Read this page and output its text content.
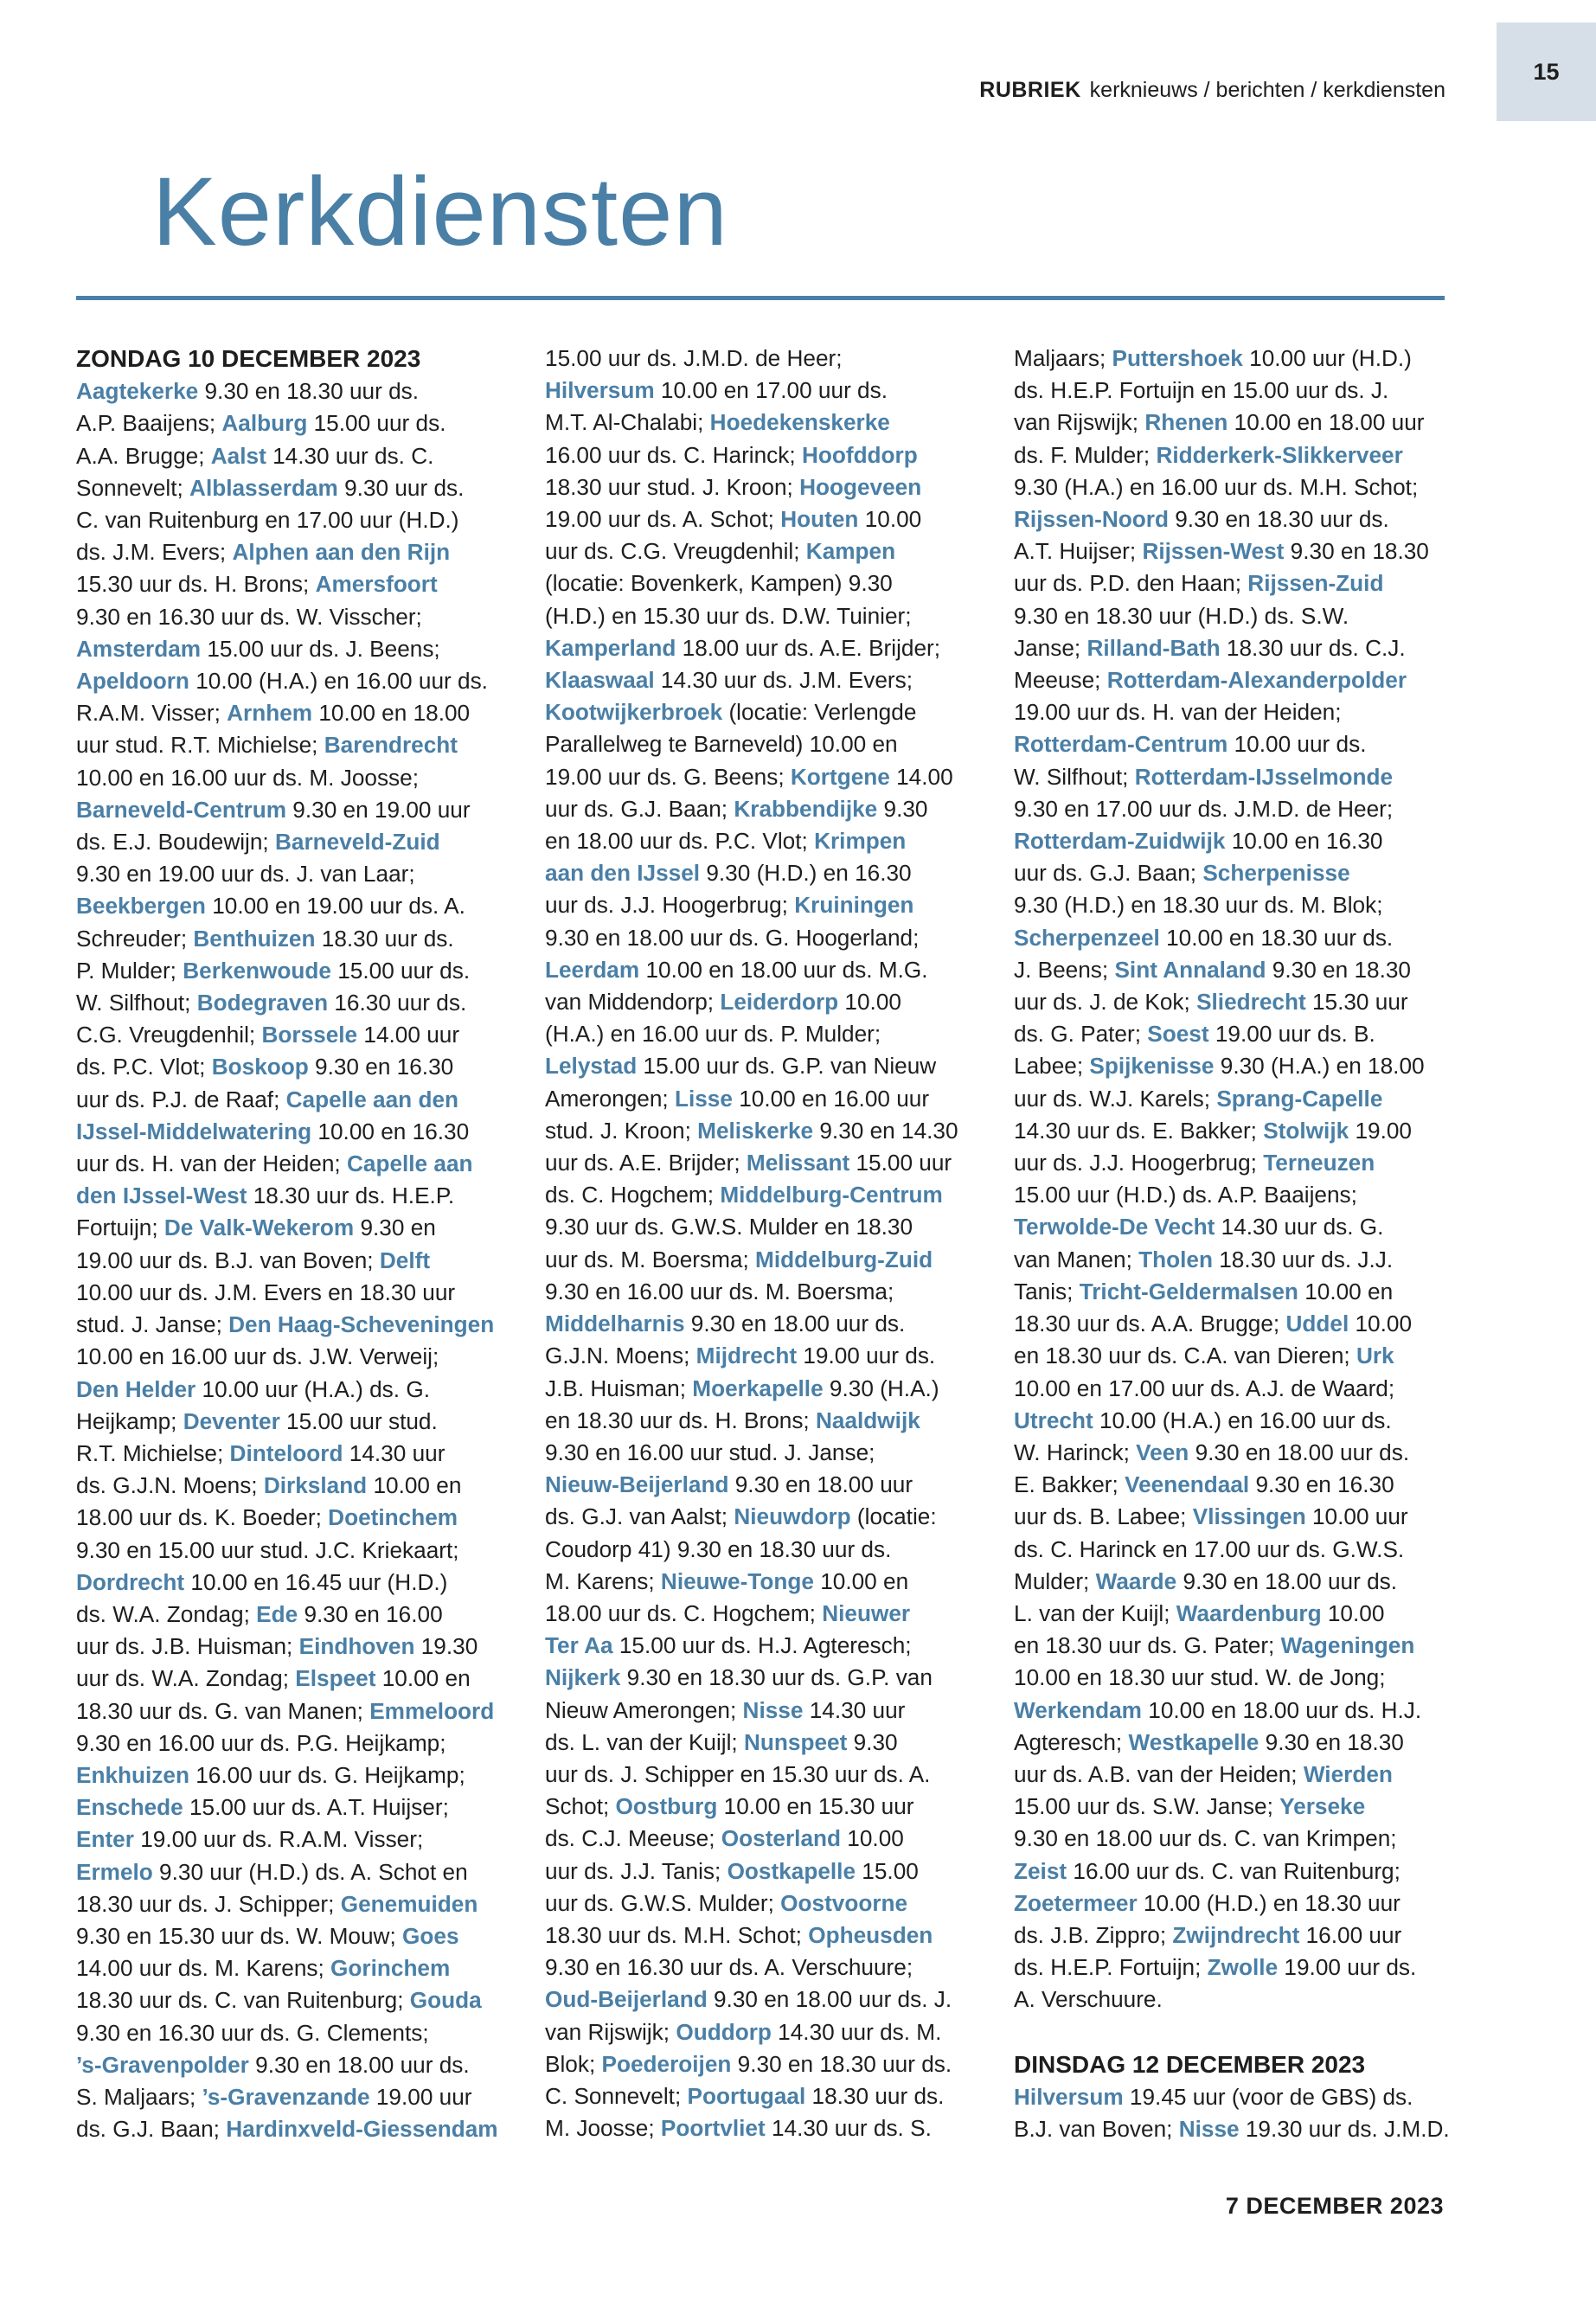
15
RUBRIEK kerknieuws / berichten / kerkdiensten
Kerkdiensten
ZONDAG 10 DECEMBER 2023
Aagtekerke 9.30 en 18.30 uur ds.
A.P. Baaijens; Aalburg 15.00 uur ds.
A.A. Brugge; Aalst 14.30 uur ds. C.
Sonnevelt; Alblasserdam 9.30 uur ds.
C. van Ruitenburg en 17.00 uur (H.D.)
ds. J.M. Evers; Alphen aan den Rijn
15.30 uur ds. H. Brons; Amersfoort
9.30 en 16.30 uur ds. W. Visscher;
Amsterdam 15.00 uur ds. J. Beens;
Apeldoorn 10.00 (H.A.) en 16.00 uur ds.
R.A.M. Visser; Arnhem 10.00 en 18.00
uur stud. R.T. Michielse; Barendrecht
10.00 en 16.00 uur ds. M. Joosse;
Barneveld-Centrum 9.30 en 19.00 uur
ds. E.J. Boudewijn; Barneveld-Zuid
9.30 en 19.00 uur ds. J. van Laar;
Beekbergen 10.00 en 19.00 uur ds. A.
Schreuder; Benthuizen 18.30 uur ds.
P. Mulder; Berkenwoude 15.00 uur ds.
W. Silfhout; Bodegraven 16.30 uur ds.
C.G. Vreugdenhil; Borssele 14.00 uur
ds. P.C. Vlot; Boskoop 9.30 en 16.30
uur ds. P.J. de Raaf; Capelle aan den
IJssel-Middelwatering 10.00 en 16.30
uur ds. H. van der Heiden; Capelle aan
den IJssel-West 18.30 uur ds. H.E.P.
Fortuijn; De Valk-Wekerom 9.30 en
19.00 uur ds. B.J. van Boven; Delft
10.00 uur ds. J.M. Evers en 18.30 uur
stud. J. Janse; Den Haag-Scheveningen
10.00 en 16.00 uur ds. J.W. Verweij;
Den Helder 10.00 uur (H.A.) ds. G.
Heijkamp; Deventer 15.00 uur stud.
R.T. Michielse; Dinteloord 14.30 uur
ds. G.J.N. Moens; Dirksland 10.00 en
18.00 uur ds. K. Boeder; Doetinchem
9.30 en 15.00 uur stud. J.C. Kriekaart;
Dordrecht 10.00 en 16.45 uur (H.D.)
ds. W.A. Zondag; Ede 9.30 en 16.00
uur ds. J.B. Huisman; Eindhoven 19.30
uur ds. W.A. Zondag; Elspeet 10.00 en
18.30 uur ds. G. van Manen; Emmeloord
9.30 en 16.00 uur ds. P.G. Heijkamp;
Enkhuizen 16.00 uur ds. G. Heijkamp;
Enschede 15.00 uur ds. A.T. Huijser;
Enter 19.00 uur ds. R.A.M. Visser;
Ermelo 9.30 uur (H.D.) ds. A. Schot en
18.30 uur ds. J. Schipper; Genemuiden
9.30 en 15.30 uur ds. W. Mouw; Goes
14.00 uur ds. M. Karens; Gorinchem
18.30 uur ds. C. van Ruitenburg; Gouda
9.30 en 16.30 uur ds. G. Clements;
’s-Gravenpolder 9.30 en 18.00 uur ds.
S. Maljaars; ’s-Gravenzande 19.00 uur
ds. G.J. Baan; Hardinxveld-Giessendam
15.00 uur ds. J.M.D. de Heer;
Hilversum 10.00 en 17.00 uur ds.
M.T. Al-Chalabi; Hoedekenskerke
16.00 uur ds. C. Harinck; Hoofddorp
18.30 uur stud. J. Kroon; Hoogeveen
19.00 uur ds. A. Schot; Houten 10.00
uur ds. C.G. Vreugdenhil; Kampen
(locatie: Bovenkerk, Kampen) 9.30
(H.D.) en 15.30 uur ds. D.W. Tuinier;
Kamperland 18.00 uur ds. A.E. Brijder;
Klaaswaal 14.30 uur ds. J.M. Evers;
Kootwijkerbroek (locatie: Verlengde
Parallelweg te Barneveld) 10.00 en
19.00 uur ds. G. Beens; Kortgene 14.00
uur ds. G.J. Baan; Krabbendijke 9.30
en 18.00 uur ds. P.C. Vlot; Krimpen
aan den IJssel 9.30 (H.D.) en 16.30
uur ds. J.J. Hoogerbrug; Kruiningen
9.30 en 18.00 uur ds. G. Hoogerland;
Leerdam 10.00 en 18.00 uur ds. M.G.
van Middendorp; Leiderdorp 10.00
(H.A.) en 16.00 uur ds. P. Mulder;
Lelystad 15.00 uur ds. G.P. van Nieuw
Amerongen; Lisse 10.00 en 16.00 uur
stud. J. Kroon; Meliskerke 9.30 en 14.30
uur ds. A.E. Brijder; Melissant 15.00 uur
ds. C. Hogchem; Middelburg-Centrum
9.30 uur ds. G.W.S. Mulder en 18.30
uur ds. M. Boersma; Middelburg-Zuid
9.30 en 16.00 uur ds. M. Boersma;
Middelharnis 9.30 en 18.00 uur ds.
G.J.N. Moens; Mijdrecht 19.00 uur ds.
J.B. Huisman; Moerkapelle 9.30 (H.A.)
en 18.30 uur ds. H. Brons; Naaldwijk
9.30 en 16.00 uur stud. J. Janse;
Nieuw-Beijerland 9.30 en 18.00 uur
ds. G.J. van Aalst; Nieuwdorp (locatie:
Coudorp 41) 9.30 en 18.30 uur ds.
M. Karens; Nieuwe-Tonge 10.00 en
18.00 uur ds. C. Hogchem; Nieuwer
Ter Aa 15.00 uur ds. H.J. Agteresch;
Nijkerk 9.30 en 18.30 uur ds. G.P. van
Nieuw Amerongen; Nisse 14.30 uur
ds. L. van der Kuijl; Nunspeet 9.30
uur ds. J. Schipper en 15.30 uur ds. A.
Schot; Oostburg 10.00 en 15.30 uur
ds. C.J. Meeuse; Oosterland 10.00
uur ds. J.J. Tanis; Oostkapelle 15.00
uur ds. G.W.S. Mulder; Oostvoorne
18.30 uur ds. M.H. Schot; Opheusden
9.30 en 16.30 uur ds. A. Verschuure;
Oud-Beijerland 9.30 en 18.00 uur ds. J.
van Rijswijk; Ouddorp 14.30 uur ds. M.
Blok; Poederoijen 9.30 en 18.30 uur ds.
C. Sonnevelt; Poortugaal 18.30 uur ds.
M. Joosse; Poortvliet 14.30 uur ds. S.
Maljaars; Puttershoek 10.00 uur (H.D.)
ds. H.E.P. Fortuijn en 15.00 uur ds. J.
van Rijswijk; Rhenen 10.00 en 18.00 uur
ds. F. Mulder; Ridderkerk-Slikkerveer
9.30 (H.A.) en 16.00 uur ds. M.H. Schot;
Rijssen-Noord 9.30 en 18.30 uur ds.
A.T. Huijser; Rijssen-West 9.30 en 18.30
uur ds. P.D. den Haan; Rijssen-Zuid
9.30 en 18.30 uur (H.D.) ds. S.W.
Janse; Rilland-Bath 18.30 uur ds. C.J.
Meeuse; Rotterdam-Alexanderpolder
19.00 uur ds. H. van der Heiden;
Rotterdam-Centrum 10.00 uur ds.
W. Silfhout; Rotterdam-IJsselmonde
9.30 en 17.00 uur ds. J.M.D. de Heer;
Rotterdam-Zuidwijk 10.00 en 16.30
uur ds. G.J. Baan; Scherpenisse
9.30 (H.D.) en 18.30 uur ds. M. Blok;
Scherpenzeel 10.00 en 18.30 uur ds.
J. Beens; Sint Annaland 9.30 en 18.30
uur ds. J. de Kok; Sliedrecht 15.30 uur
ds. G. Pater; Soest 19.00 uur ds. B.
Labee; Spijkenisse 9.30 (H.A.) en 18.00
uur ds. W.J. Karels; Sprang-Capelle
14.30 uur ds. E. Bakker; Stolwijk 19.00
uur ds. J.J. Hoogerbrug; Terneuzen
15.00 uur (H.D.) ds. A.P. Baaijens;
Terwolde-De Vecht 14.30 uur ds. G.
van Manen; Tholen 18.30 uur ds. J.J.
Tanis; Tricht-Geldermalsen 10.00 en
18.30 uur ds. A.A. Brugge; Uddel 10.00
en 18.30 uur ds. C.A. van Dieren; Urk
10.00 en 17.00 uur ds. A.J. de Waard;
Utrecht 10.00 (H.A.) en 16.00 uur ds.
W. Harinck; Veen 9.30 en 18.00 uur ds.
E. Bakker; Veenendaal 9.30 en 16.30
uur ds. B. Labee; Vlissingen 10.00 uur
ds. C. Harinck en 17.00 uur ds. G.W.S.
Mulder; Waarde 9.30 en 18.00 uur ds.
L. van der Kuijl; Waardenburg 10.00
en 18.30 uur ds. G. Pater; Wageningen
10.00 en 18.30 uur stud. W. de Jong;
Werkendam 10.00 en 18.00 uur ds. H.J.
Agteresch; Westkapelle 9.30 en 18.30
uur ds. A.B. van der Heiden; Wierden
15.00 uur ds. S.W. Janse; Yerseke
9.30 en 18.00 uur ds. C. van Krimpen;
Zeist 16.00 uur ds. C. van Ruitenburg;
Zoetermeer 10.00 (H.D.) en 18.30 uur
ds. J.B. Zippro; Zwijndrecht 16.00 uur
ds. H.E.P. Fortuijn; Zwolle 19.00 uur ds.
A. Verschuure.
DINSDAG 12 DECEMBER 2023
Hilversum 19.45 uur (voor de GBS) ds.
B.J. van Boven; Nisse 19.30 uur ds. J.M.D.
7 DECEMBER 2023
